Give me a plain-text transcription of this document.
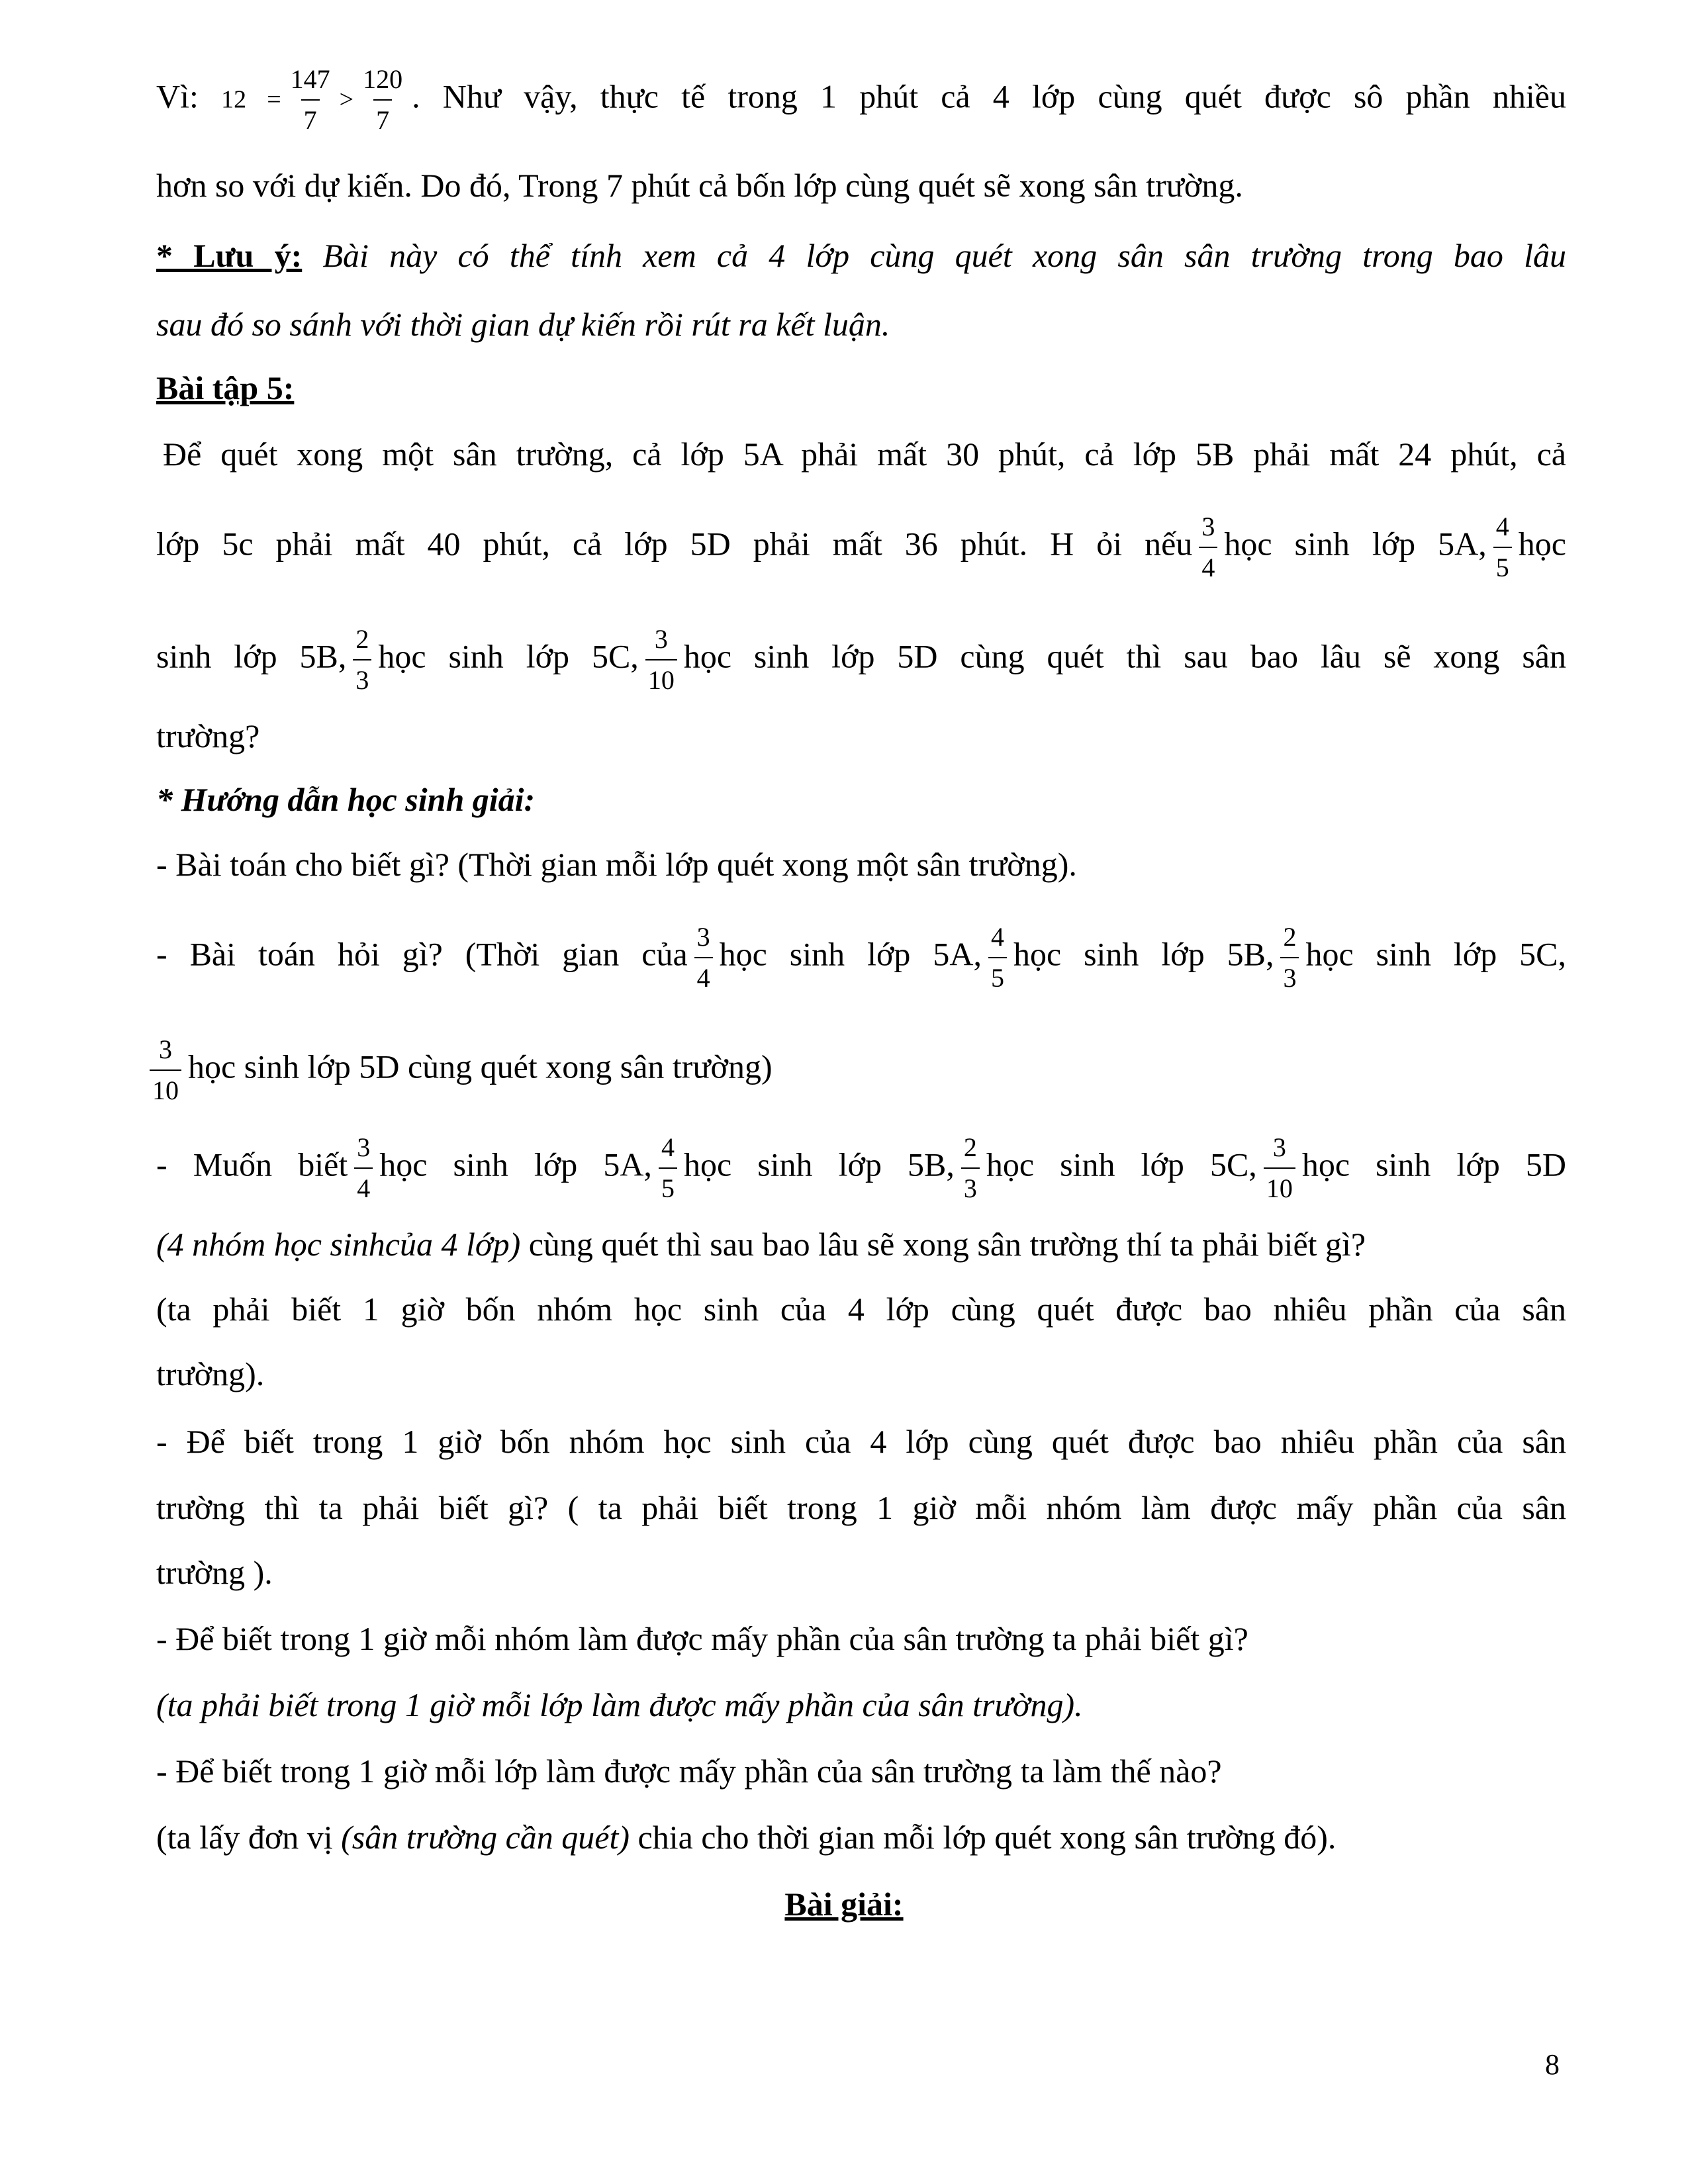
Vì: $12 = \frac{147}{7} > \frac{120}{7}$ . Như vậy, thực tế trong 1 phút cả 4 lớp cùng quét được sô phần nhiều
hơn so với dự kiến. Do đó, Trong 7 phút cả bốn lớp cùng quét sẽ xong sân trường.
* Lưu ý: Bài này có thể tính xem cả 4 lớp cùng quét xong sân sân trường trong bao lâu
sau đó so sánh với thời gian dự kiến rồi rút ra kết luận.
Bài tập 5:
Để quét xong một sân trường, cả lớp 5A phải mất 30 phút, cả lớp 5B phải mất 24 phút, cả
lớp 5c phải mất 40 phút, cả lớp 5D phải mất 36 phút. H ỏi nếu $\frac{3}{4}$ học sinh lớp 5A, $\frac{4}{5}$ học
sinh lớp 5B, $\frac{2}{3}$ học sinh lớp 5C, $\frac{3}{10}$ học sinh lớp 5D cùng quét thì sau bao lâu sẽ xong sân
trường?
* Hướng dẫn học sinh giải:
- Bài toán cho biết gì? (Thời gian mỗi lớp quét xong một sân trường).
- Bài toán hỏi gì? (Thời gian của $\frac{3}{4}$ học sinh lớp 5A, $\frac{4}{5}$ học sinh lớp 5B, $\frac{2}{3}$ học sinh lớp 5C,
$\frac{3}{10}$ học sinh lớp 5D cùng quét xong sân trường)
- Muốn biết $\frac{3}{4}$ học sinh lớp 5A, $\frac{4}{5}$ học sinh lớp 5B, $\frac{2}{3}$ học sinh lớp 5C, $\frac{3}{10}$ học sinh lớp 5D
(4 nhóm học sinhcủa 4 lớp) cùng quét thì sau bao lâu sẽ xong sân trường thí ta phải biết gì?
(ta phải biết 1 giờ bốn nhóm học sinh của 4 lớp cùng quét được bao nhiêu phần của sân
trường).
- Để biết trong 1 giờ bốn nhóm học sinh của 4 lớp cùng quét được bao nhiêu phần của sân
trường thì ta phải biết gì? ( ta phải biết trong 1 giờ mỗi nhóm làm được mấy phần của sân
trường ).
- Để biết trong 1 giờ mỗi nhóm làm được mấy phần của sân trường ta phải biết gì?
(ta phải biết trong 1 giờ mỗi lớp làm được mấy phần của sân trường).
- Để biết trong 1 giờ mỗi lớp làm được mấy phần của sân trường ta làm thế nào?
(ta lấy đơn vị (sân trường cần quét) chia cho thời gian mỗi lớp quét xong sân trường đó).
Bài giải:
8
